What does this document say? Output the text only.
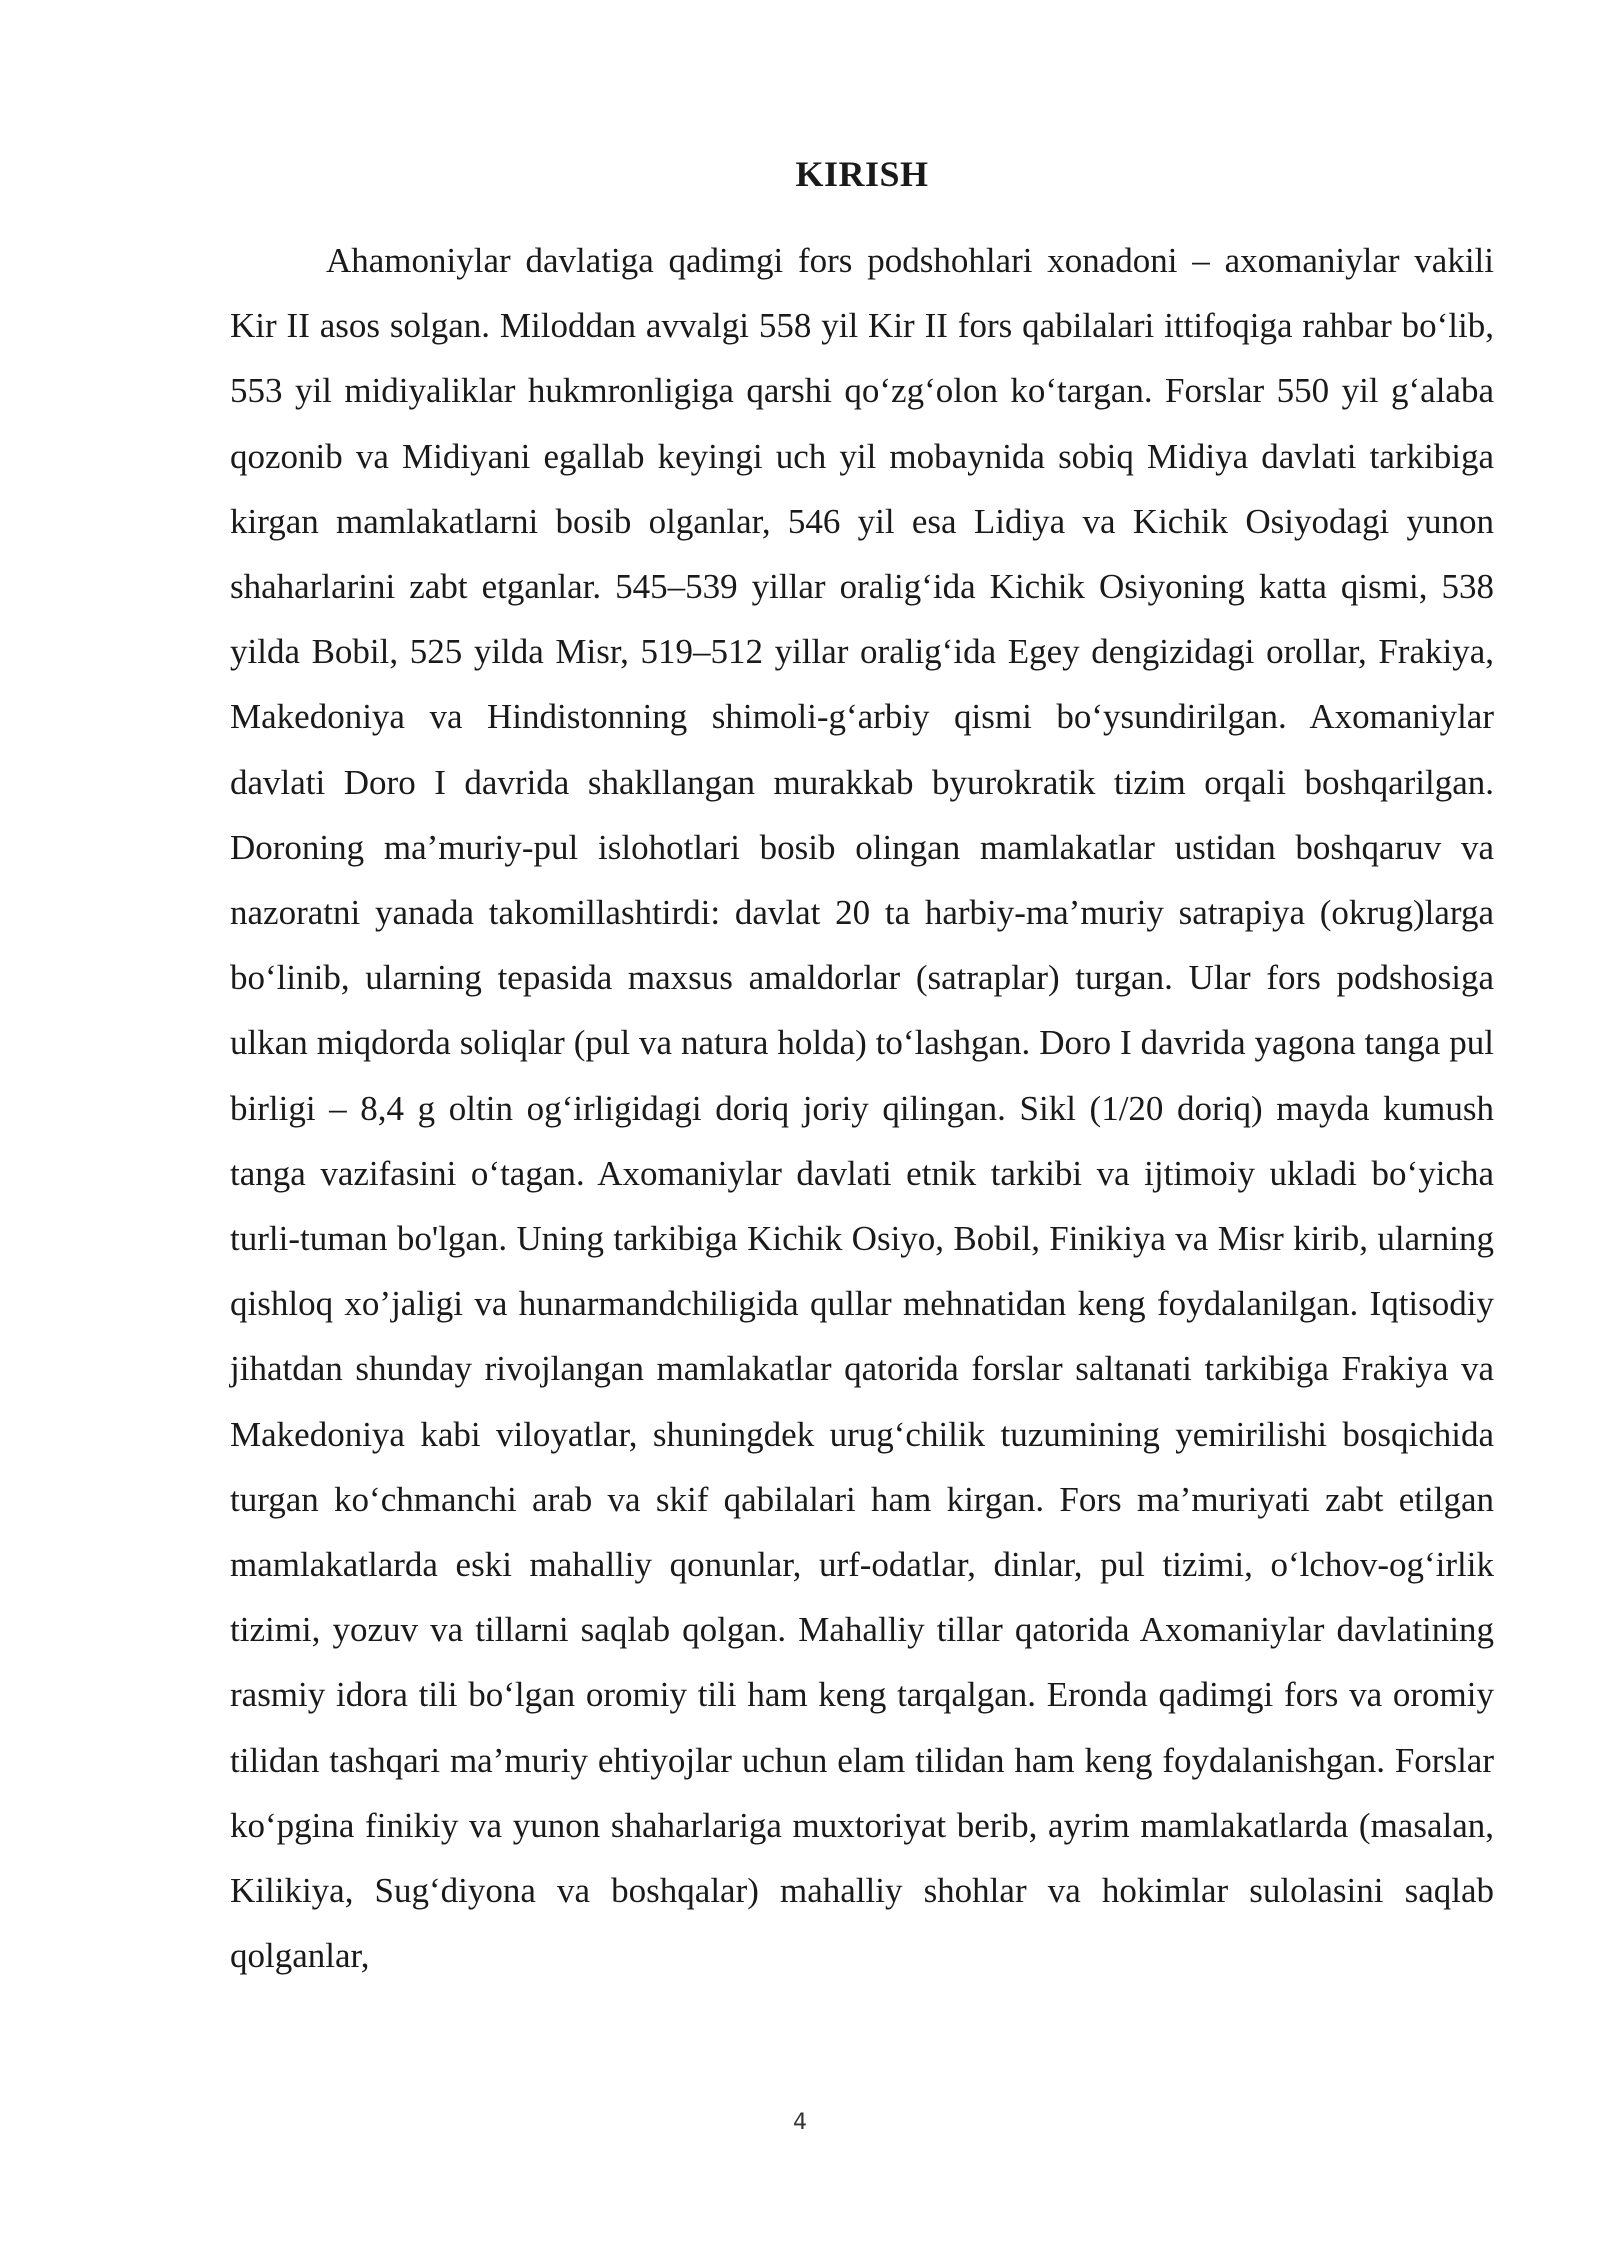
KIRISH

Ahamoniylar davlatiga qadimgi fors podshohlari xonadoni – axomaniylar vakili Kir II asos solgan. Miloddan avvalgi 558 yil Kir II fors qabilalari ittifoqiga rahbar bo‘lib, 553 yil midiyaliklar hukmronligiga qarshi qo‘zg‘olon ko‘targan. Forslar 550 yil g‘alaba qozonib va Midiyani egallab keyingi uch yil mobaynida sobiq Midiya davlati tarkibiga kirgan mamlakatlarni bosib olganlar, 546 yil esa Lidiya va Kichik Osiyodagi yunon shaharlarini zabt etganlar. 545–539 yillar oralig‘ida Kichik Osiyoning katta qismi, 538 yilda Bobil, 525 yilda Misr, 519–512 yillar oralig‘ida Egey dengizidagi orollar, Frakiya, Makedoniya va Hindistonning shimoli-g‘arbiy qismi bo‘ysundirilgan. Axomaniylar davlati Doro I davrida shakllangan murakkab byurokratik tizim orqali boshqarilgan. Doroning ma’muriy-pul islohotlari bosib olingan mamlakatlar ustidan boshqaruv va nazoratni yanada takomillashtirdi: davlat 20 ta harbiy-ma’muriy satrapiya (okrug)larga bo‘linib, ularning tepasida maxsus amaldorlar (satraplar) turgan. Ular fors podshosiga ulkan miqdorda soliqlar (pul va natura holda) to‘lashgan. Doro I davrida yagona tanga pul birligi – 8,4 g oltin og‘irligidagi doriq joriy qilingan. Sikl (1/20 doriq) mayda kumush tanga vazifasini o‘tagan. Axomaniylar davlati etnik tarkibi va ijtimoiy ukladi bo‘yicha turli-tuman bo'lgan. Uning tarkibiga Kichik Osiyo, Bobil, Finikiya va Misr kirib, ularning qishloq xo’jaligi va hunarmandchiligida qullar mehnatidan keng foydalanilgan. Iqtisodiy jihatdan shunday rivojlangan mamlakatlar qatorida forslar saltanati tarkibiga Frakiya va Makedoniya kabi viloyatlar, shuningdek urug‘chilik tuzumining yemirilishi bosqichida turgan ko‘chmanchi arab va skif qabilalari ham kirgan. Fors ma’muriyati zabt etilgan mamlakatlarda eski mahalliy qonunlar, urf-odatlar, dinlar, pul tizimi, o‘lchov-og‘irlik tizimi, yozuv va tillarni saqlab qolgan. Mahalliy tillar qatorida Axomaniylar davlatining rasmiy idora tili bo‘lgan oromiy tili ham keng tarqalgan. Eronda qadimgi fors va oromiy tilidan tashqari ma’muriy ehtiyojlar uchun elam tilidan ham keng foydalanishgan. Forslar ko‘pgina finikiy va yunon shaharlariga muxtoriyat berib, ayrim mamlakatlarda (masalan, Kilikiya, Sug‘diyona va boshqalar) mahalliy shohlar va hokimlar sulolasini saqlab qolganlar,

4
